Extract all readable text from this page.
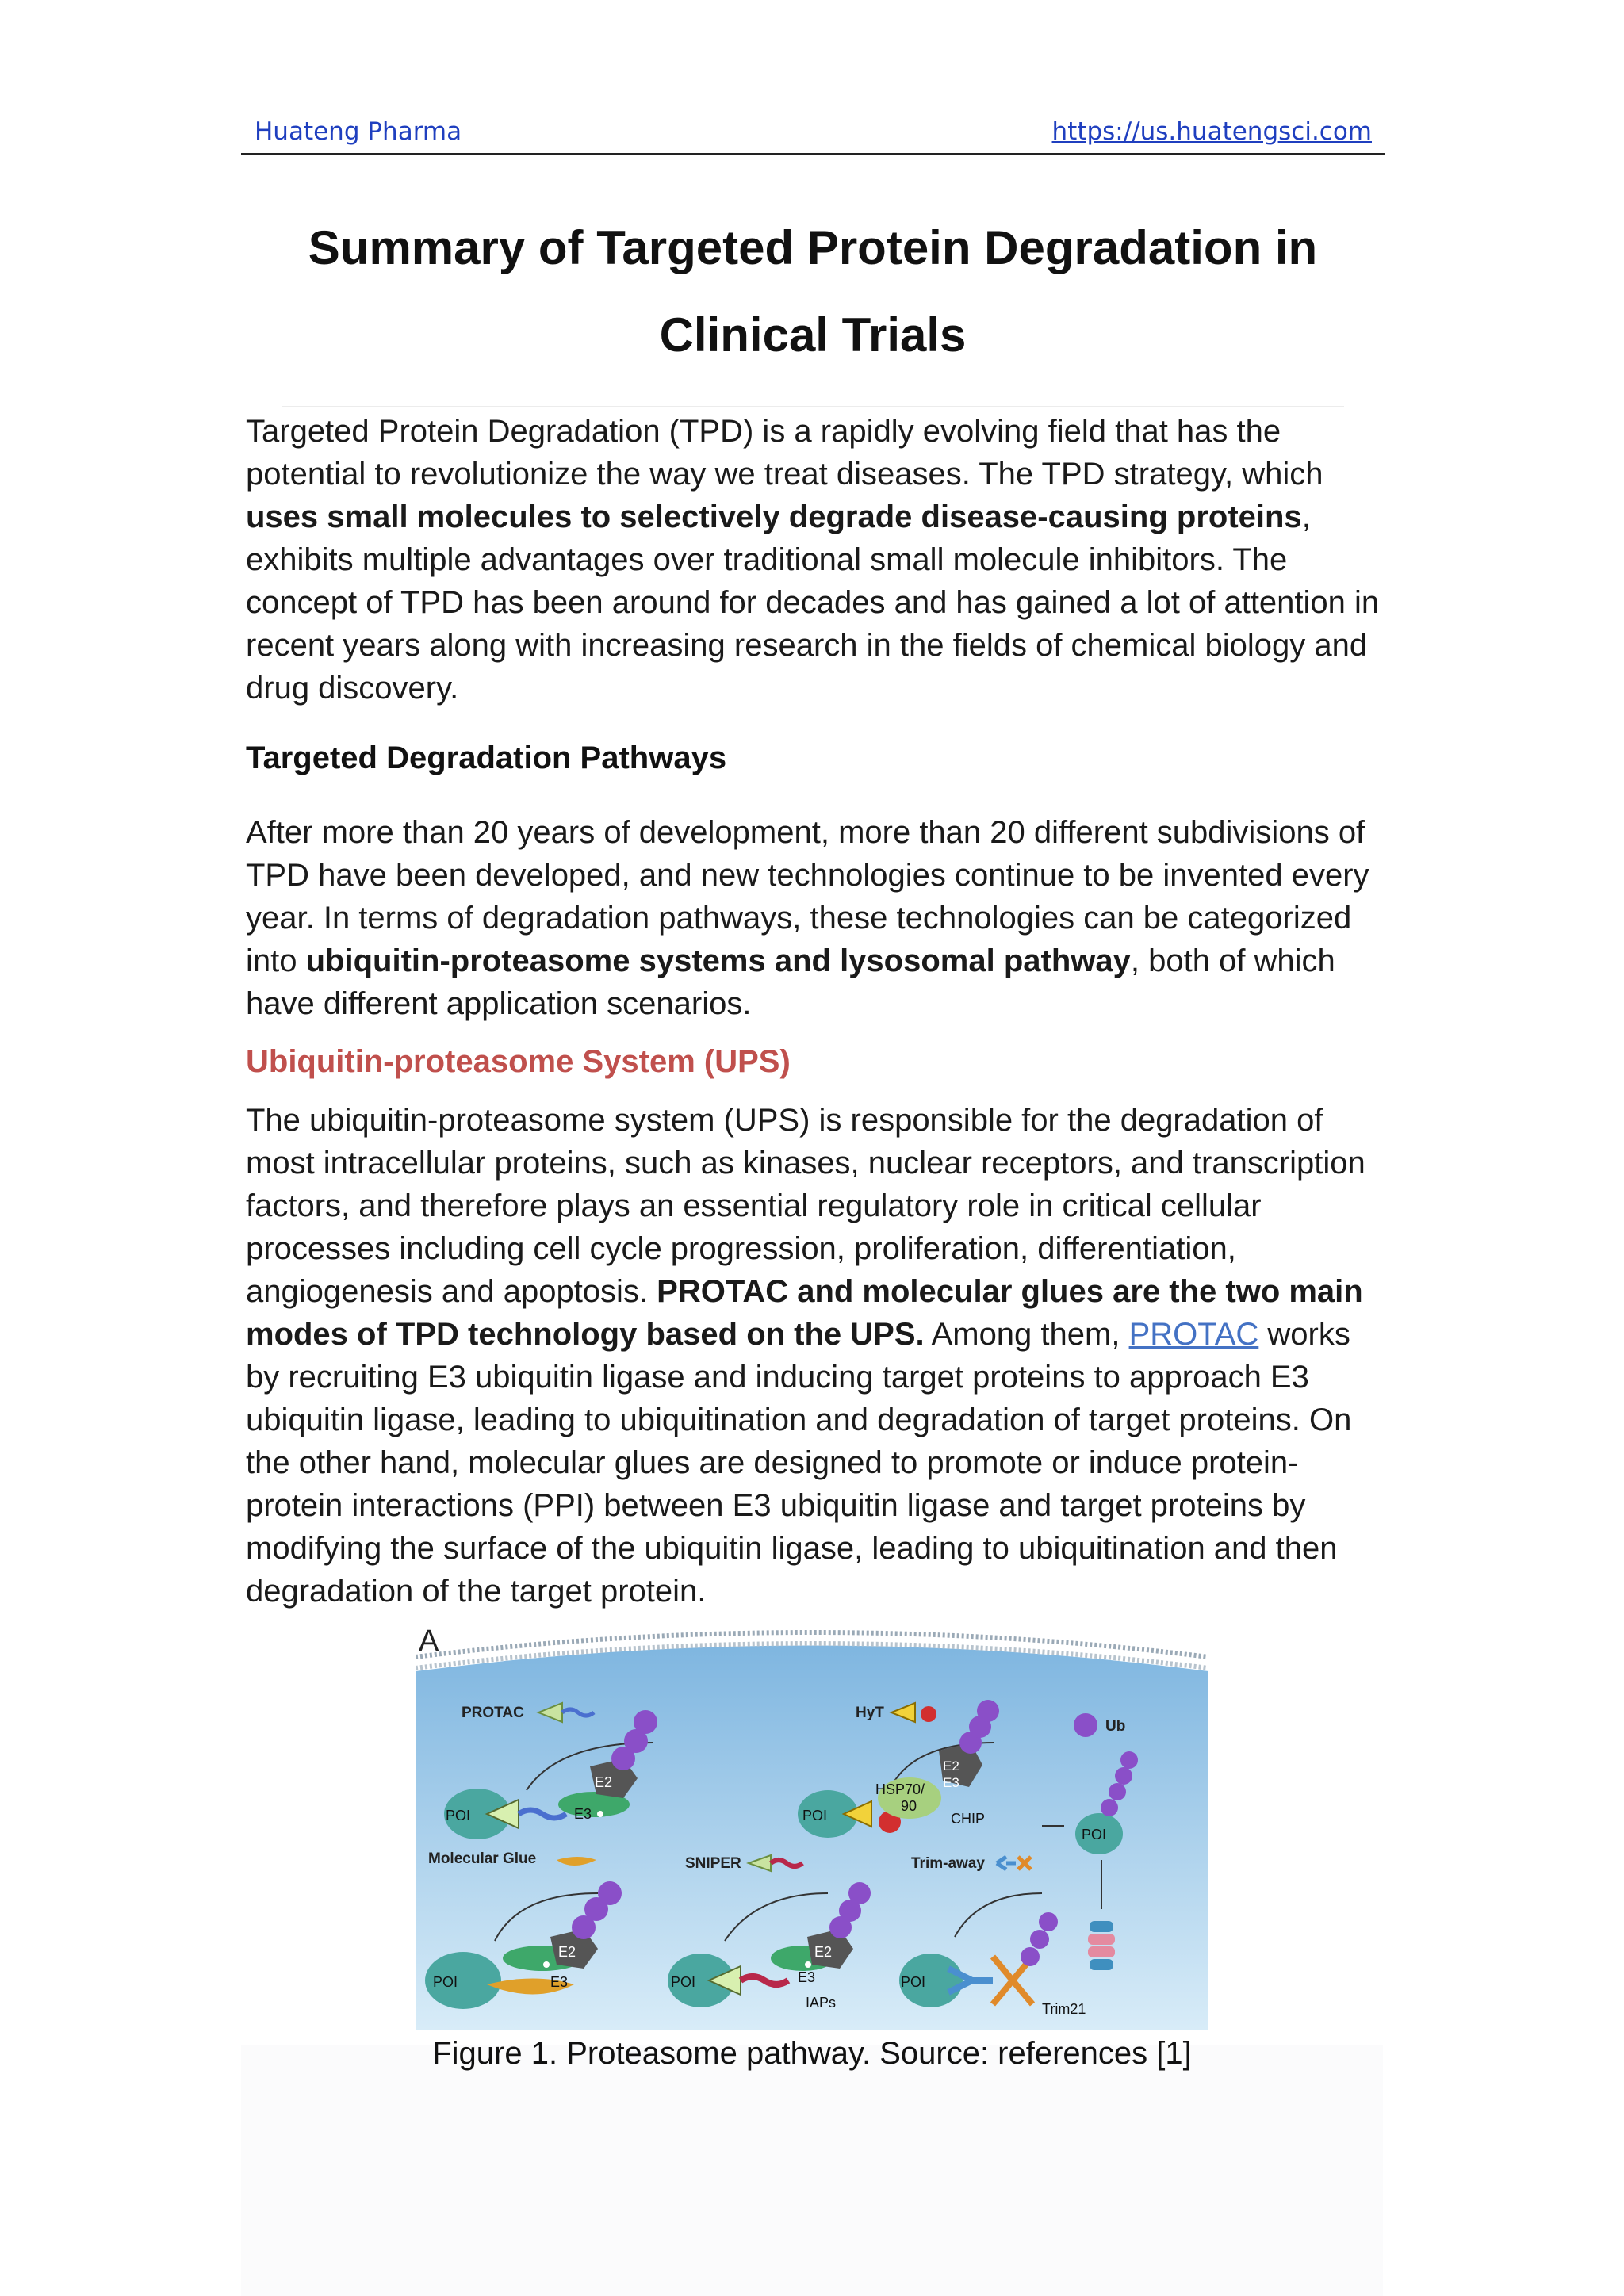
Huateng Pharma	https://us.huatengsci.com
Summary of Targeted Protein Degradation in
Clinical Trials
Targeted Protein Degradation (TPD) is a rapidly evolving field that has the potential to revolutionize the way we treat diseases. The TPD strategy, which uses small molecules to selectively degrade disease-causing proteins, exhibits multiple advantages over traditional small molecule inhibitors. The concept of TPD has been around for decades and has gained a lot of attention in recent years along with increasing research in the fields of chemical biology and drug discovery.
Targeted Degradation Pathways
After more than 20 years of development, more than 20 different subdivisions of TPD have been developed, and new technologies continue to be invented every year. In terms of degradation pathways, these technologies can be categorized into ubiquitin-proteasome systems and lysosomal pathway, both of which have different application scenarios.
Ubiquitin-proteasome System (UPS)
The ubiquitin-proteasome system (UPS) is responsible for the degradation of most intracellular proteins, such as kinases, nuclear receptors, and transcription factors, and therefore plays an essential regulatory role in critical cellular processes including cell cycle progression, proliferation, differentiation, angiogenesis and apoptosis. PROTAC and molecular glues are the two main modes of TPD technology based on the UPS. Among them, PROTAC works by recruiting E3 ubiquitin ligase and inducing target proteins to approach E3 ubiquitin ligase, leading to ubiquitination and degradation of target proteins. On the other hand, molecular glues are designed to promote or induce protein-protein interactions (PPI) between E3 ubiquitin ligase and target proteins by modifying the surface of the ubiquitin ligase, leading to ubiquitination and then degradation of the target protein.
A
PROTAC
POI	E3
E2
HyT
POI
HSP70/
90
E2
E3
CHIP
Ub
POI
Molecular Glue
POI
E2
E3
SNIPER
POI
E2
E3
IAPs
Trim-away
POI
Trim21
Figure 1. Proteasome pathway. Source: references [1]
